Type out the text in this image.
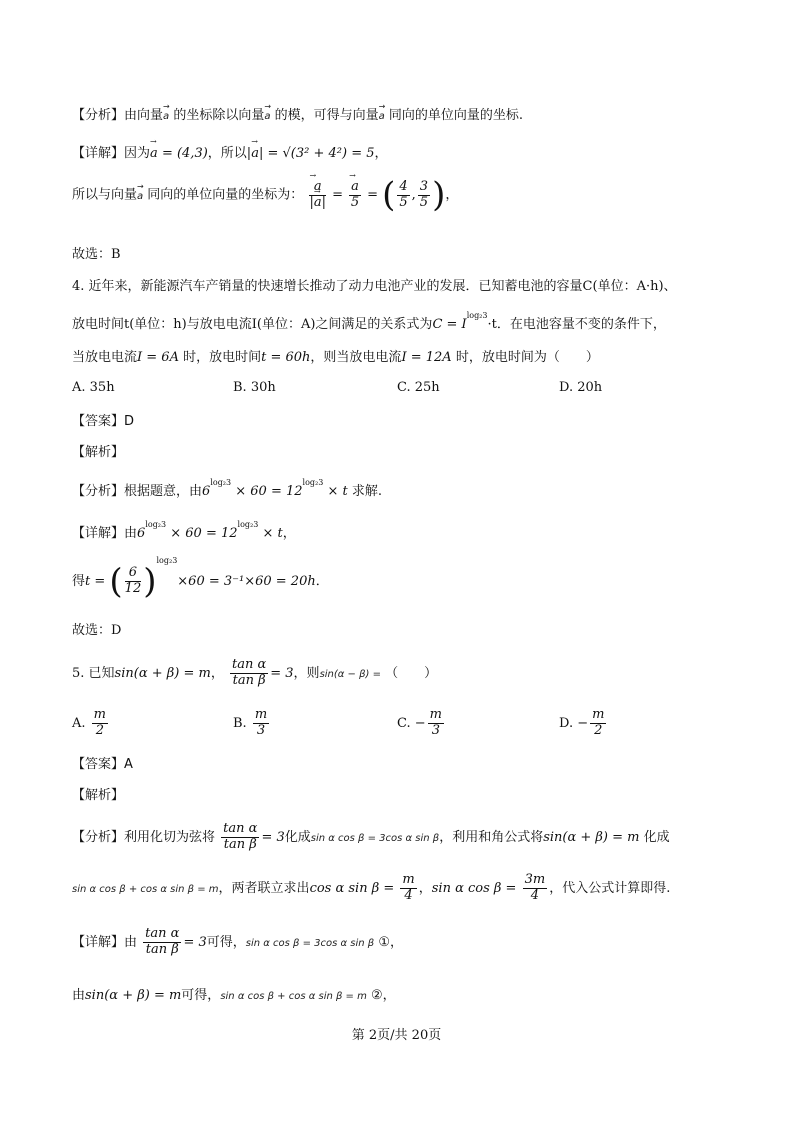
【分析】由向量→ a 的坐标除以向量→ a 的模，可得与向量→ a 同向的单位向量的坐标.
【详解】因为→ a = (4,3)，所以|→ a| = √(3² + 4²) = 5，
所以与向量→ a 同向的单位向量的坐标为： → $\frac{a}{|\to a|}$ = → $\frac{a}{5}$ = ( $\frac{4}{5}$ , $\frac{3}{5}$ )，
故选：B
4. 近年来，新能源汽车产销量的快速增长推动了动力电池产业的发展．已知蓄电池的容量C(单位：A·h)、
放电时间t(单位：h)与放电电流I(单位：A)之间满足的关系式为$C = I^{log_23}\cdot t$．在电池容量不变的条件下，
当放电电流I = 6A 时，放电时间t = 60h，则当放电电流I = 12A 时，放电时间为（　　）
A. 35h	B. 30h	C. 25h	D. 20h
【答案】D
【解析】
【分析】根据题意，由$6^{log_23} \times 60 = 12^{log_23} \times t$ 求解.
【详解】由$6^{log_23} \times 60 = 12^{log_23} \times t$，
得t = ( $\frac{6}{12} )^{log_23}\times 60 = 3^{-1}\times 60 = 20h$．
故选：D
5. 已知sin(α + β) = m， $\frac{\text{tan α}}{\text{tan β}} = 3$，则sin(α − β) = （　　）
A. $\frac{m}{2}$	B. $\frac{m}{3}$	C. − $\frac{m}{3}$	D. − $\frac{m}{2}$
【答案】A
【解析】
【分析】利用化切为弦将 $\frac{\text{tan α}}{\text{tan β}} = 3$化成sin α cos β = 3cos α sin β，利用和角公式将sin(α + β) = m 化成
sin α cos β + cos α sin β = m，两者联立求出cos α $\sin \beta = \frac{m}{4}$ ，sin α $\cos \beta = \frac{3m}{4}$ ，代入公式计算即得.
【详解】由 $\frac{\text{tan α}}{\text{tan β}} = 3$可得，sin α cos β = 3cos α sin β ①，
由sin(α + β) = m可得，sin α cos β + cos α sin β = m ②，
第 2页/共 20页
